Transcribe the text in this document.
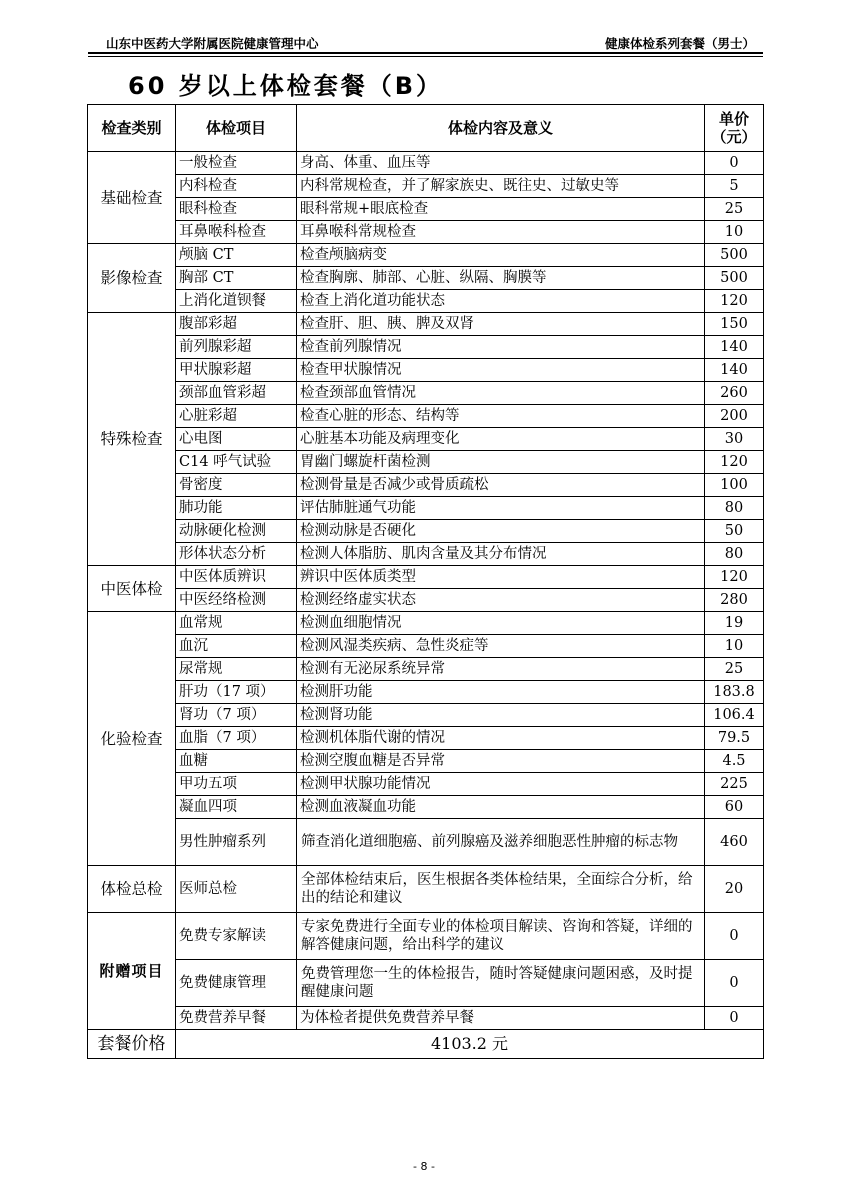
山东中医药大学附属医院健康管理中心	健康体检系列套餐（男士）
60 岁以上体检套餐（B）
检查类别	体检项目	体检内容及意义	单价（元）
基础检查	一般检查	身高、体重、血压等	0
	内科检查	内科常规检查，并了解家族史、既往史、过敏史等	5
	眼科检查	眼科常规+眼底检查	25
	耳鼻喉科检查	耳鼻喉科常规检查	10
影像检查	颅脑 CT	检查颅脑病变	500
	胸部 CT	检查胸廓、肺部、心脏、纵隔、胸膜等	500
	上消化道钡餐	检查上消化道功能状态	120
特殊检查	腹部彩超	检查肝、胆、胰、脾及双肾	150
	前列腺彩超	检查前列腺情况	140
	甲状腺彩超	检查甲状腺情况	140
	颈部血管彩超	检查颈部血管情况	260
	心脏彩超	检查心脏的形态、结构等	200
	心电图	心脏基本功能及病理变化	30
	C14 呼气试验	胃幽门螺旋杆菌检测	120
	骨密度	检测骨量是否减少或骨质疏松	100
	肺功能	评估肺脏通气功能	80
	动脉硬化检测	检测动脉是否硬化	50
	形体状态分析	检测人体脂肪、肌肉含量及其分布情况	80
中医体检	中医体质辨识	辨识中医体质类型	120
	中医经络检测	检测经络虚实状态	280
化验检查	血常规	检测血细胞情况	19
	血沉	检测风湿类疾病、急性炎症等	10
	尿常规	检测有无泌尿系统异常	25
	肝功（17 项）	检测肝功能	183.8
	肾功（7 项）	检测肾功能	106.4
	血脂（7 项）	检测机体脂代谢的情况	79.5
	血糖	检测空腹血糖是否异常	4.5
	甲功五项	检测甲状腺功能情况	225
	凝血四项	检测血液凝血功能	60
	男性肿瘤系列	筛查消化道细胞癌、前列腺癌及滋养细胞恶性肿瘤的标志物	460
体检总检	医师总检	全部体检结束后，医生根据各类体检结果，全面综合分析，给出的结论和建议	20
附赠项目	免费专家解读	专家免费进行全面专业的体检项目解读、咨询和答疑，详细的解答健康问题，给出科学的建议	0
	免费健康管理	免费管理您一生的体检报告，随时答疑健康问题困惑，及时提醒健康问题	0
	免费营养早餐	为体检者提供免费营养早餐	0
套餐价格	4103.2 元		
- 8 -
